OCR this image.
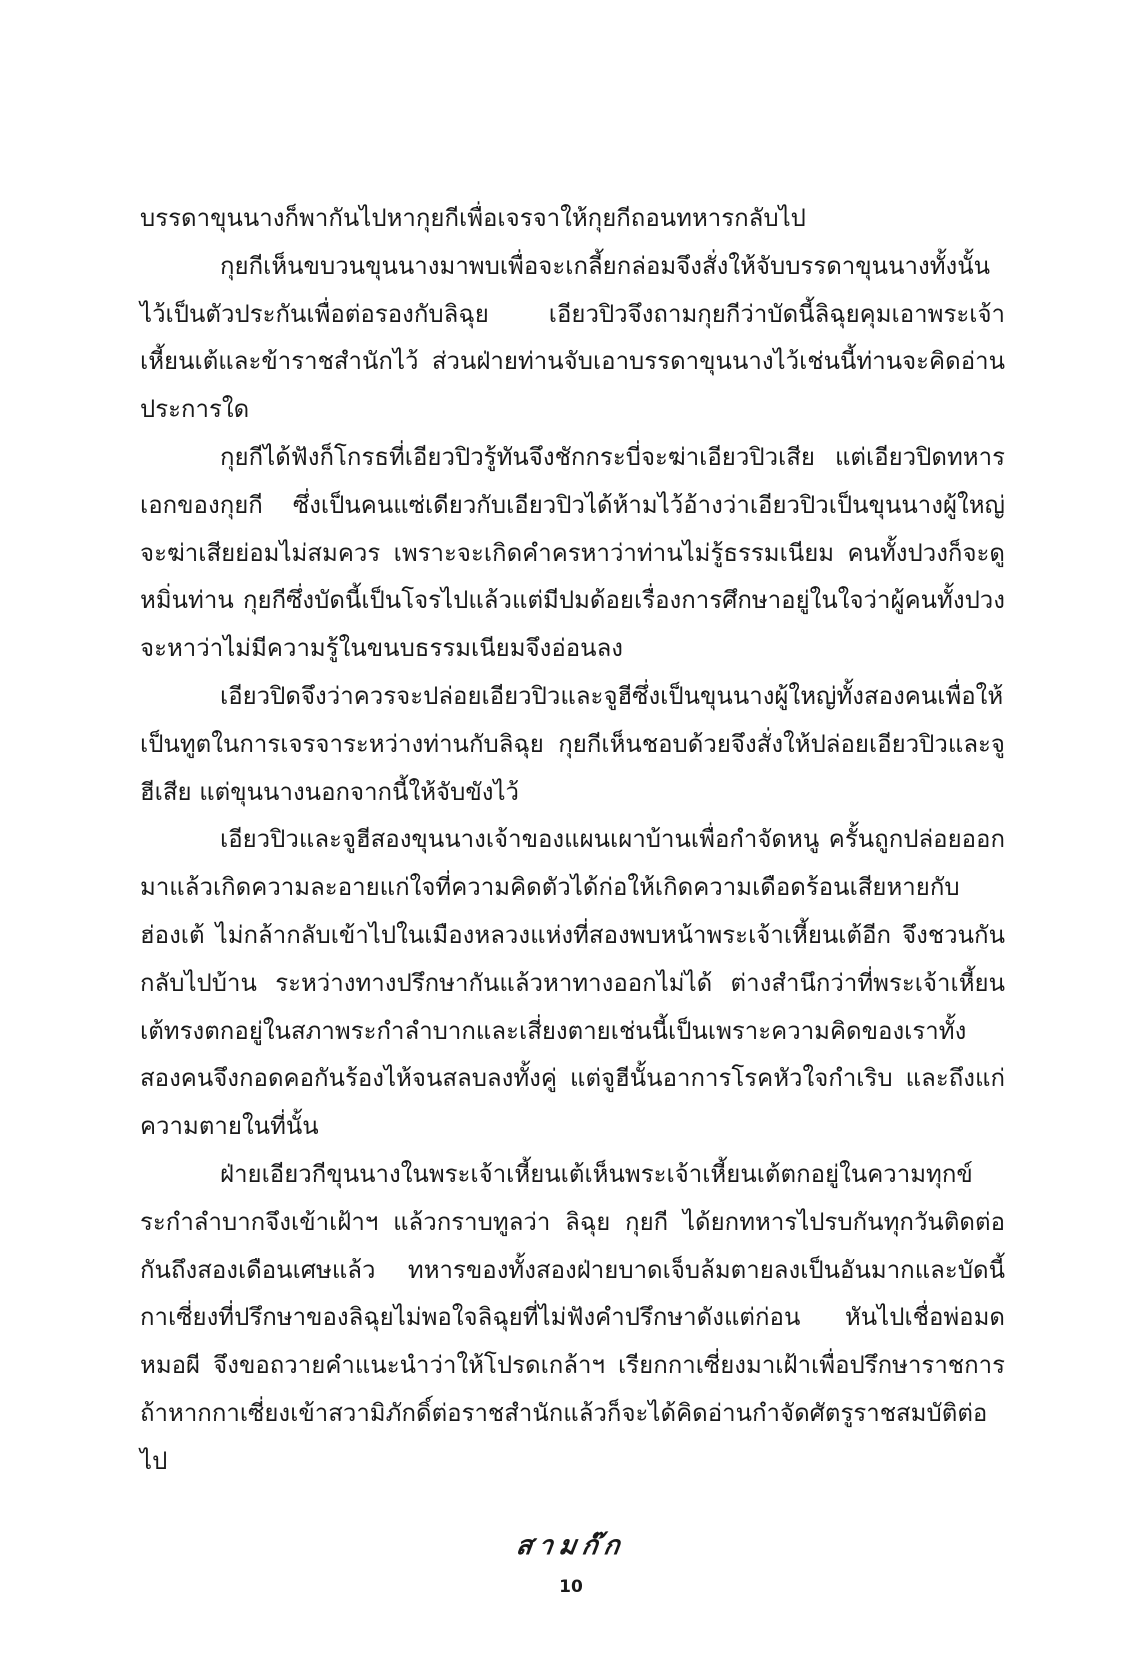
บรรดาขุนนางก็พากันไปหากุยกีเพื่อเจรจาให้กุยกีถอนทหารกลับไป

กุยกีเห็นขบวนขุนนางมาพบเพื่อจะเกลี้ยกล่อมจึงสั่งให้จับบรรดาขุนนางทั้งนั้นไว้เป็นตัวประกันเพื่อต่อรองกับลิฉุย เอียวปิวจึงถามกุยกีว่าบัดนี้ลิฉุยคุมเอาพระเจ้าเหี้ยนเต้และข้าราชสำนักไว้ ส่วนฝ่ายท่านจับเอาบรรดาขุนนางไว้เช่นนี้ท่านจะคิดอ่านประการใด

กุยกีได้ฟังก็โกรธที่เอียวปิวรู้ทันจึงชักกระบี่จะฆ่าเอียวปิวเสีย แต่เอียวปิดทหารเอกของกุยกี ซึ่งเป็นคนแซ่เดียวกับเอียวปิวได้ห้ามไว้อ้างว่าเอียวปิวเป็นขุนนางผู้ใหญ่ จะฆ่าเสียย่อมไม่สมควร เพราะจะเกิดคำครหาว่าท่านไม่รู้ธรรมเนียม คนทั้งปวงก็จะดูหมิ่นท่าน กุยกีซึ่งบัดนี้เป็นโจรไปแล้วแต่มีปมด้อยเรื่องการศึกษาอยู่ในใจว่าผู้คนทั้งปวงจะหาว่าไม่มีความรู้ในขนบธรรมเนียมจึงอ่อนลง

เอียวปิดจึงว่าควรจะปล่อยเอียวปิวและจูฮีซึ่งเป็นขุนนางผู้ใหญ่ทั้งสองคนเพื่อให้เป็นทูตในการเจรจาระหว่างท่านกับลิฉุย กุยกีเห็นชอบด้วยจึงสั่งให้ปล่อยเอียวปิวและจูฮีเสีย แต่ขุนนางนอกจากนี้ให้จับขังไว้

เอียวปิวและจูฮีสองขุนนางเจ้าของแผนเผาบ้านเพื่อกำจัดหนู ครั้นถูกปล่อยออกมาแล้วเกิดความละอายแก่ใจที่ความคิดตัวได้ก่อให้เกิดความเดือดร้อนเสียหายกับฮ่องเต้ ไม่กล้ากลับเข้าไปในเมืองหลวงแห่งที่สองพบหน้าพระเจ้าเหี้ยนเต้อีก จึงชวนกันกลับไปบ้าน ระหว่างทางปรึกษากันแล้วหาทางออกไม่ได้ ต่างสำนึกว่าที่พระเจ้าเหี้ยนเต้ทรงตกอยู่ในสภาพระกำลำบากและเสี่ยงตายเช่นนี้เป็นเพราะความคิดของเราทั้งสองคนจึงกอดคอกันร้องไห้จนสลบลงทั้งคู่ แต่จูฮีนั้นอาการโรคหัวใจกำเริบ และถึงแก่ความตายในที่นั้น

ฝ่ายเอียวกีขุนนางในพระเจ้าเหี้ยนเต้เห็นพระเจ้าเหี้ยนเต้ตกอยู่ในความทุกข์ระกำลำบากจึงเข้าเฝ้าฯ แล้วกราบทูลว่า ลิฉุย กุยกี ได้ยกทหารไปรบกันทุกวันติดต่อกันถึงสองเดือนเศษแล้ว ทหารของทั้งสองฝ่ายบาดเจ็บล้มตายลงเป็นอันมากและบัดนี้กาเซี่ยงที่ปรึกษาของลิฉุยไม่พอใจลิฉุยที่ไม่ฟังคำปรึกษาดังแต่ก่อน หันไปเชื่อพ่อมดหมอผี จึงขอถวายคำแนะนำว่าให้โปรดเกล้าฯ เรียกกาเซี่ยงมาเฝ้าเพื่อปรึกษาราชการ ถ้าหากกาเซี่ยงเข้าสวามิภักดิ์ต่อราชสำนักแล้วก็จะได้คิดอ่านกำจัดศัตรูราชสมบัติต่อไป

สามก๊ก
10
